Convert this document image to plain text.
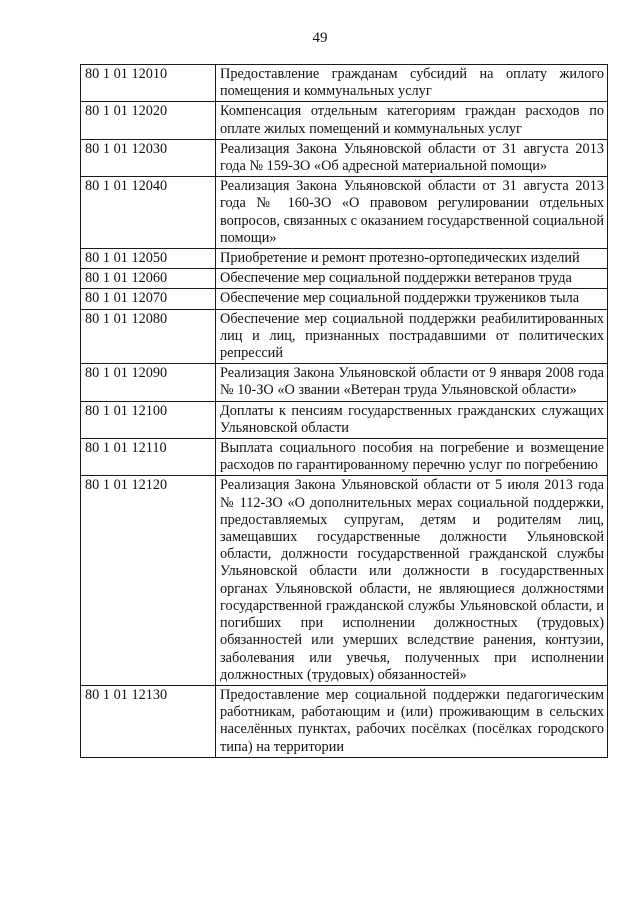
49
80 1 01 12010	Предоставление гражданам субсидий на оплату жилого помещения и коммунальных услуг
80 1 01 12020	Компенсация отдельным категориям граждан расходов по оплате жилых помещений и коммунальных услуг
80 1 01 12030	Реализация Закона Ульяновской области от 31 августа 2013 года № 159-ЗО «Об адресной материальной помощи»
80 1 01 12040	Реализация Закона Ульяновской области от 31 августа 2013 года № 160-ЗО «О правовом регулировании отдельных вопросов, связанных с оказанием государственной социальной помощи»
80 1 01 12050	Приобретение и ремонт протезно-ортопедических изделий
80 1 01 12060	Обеспечение мер социальной поддержки ветеранов труда
80 1 01 12070	Обеспечение мер социальной поддержки тружеников тыла
80 1 01 12080	Обеспечение мер социальной поддержки реабилитированных лиц и лиц, признанных пострадавшими от политических репрессий
80 1 01 12090	Реализация Закона Ульяновской области от 9 января 2008 года № 10-ЗО «О звании «Ветеран труда Ульяновской области»
80 1 01 12100	Доплаты к пенсиям государственных гражданских служащих Ульяновской области
80 1 01 12110	Выплата социального пособия на погребение и возмещение расходов по гарантированному перечню услуг по погребению
80 1 01 12120	Реализация Закона Ульяновской области от 5 июля 2013 года № 112-ЗО «О дополнительных мерах социальной поддержки, предоставляемых супругам, детям и родителям лиц, замещавших государственные должности Ульяновской области, должности государственной гражданской службы Ульяновской области или должности в государственных органах Ульяновской области, не являющиеся должностями государственной гражданской службы Ульяновской области, и погибших при исполнении должностных (трудовых) обязанностей или умерших вследствие ранения, контузии, заболевания или увечья, полученных при исполнении должностных (трудовых) обязанностей»
80 1 01 12130	Предоставление мер социальной поддержки педагогическим работникам, работающим и (или) проживающим в сельских населённых пунктах, рабочих посёлках (посёлках городского типа) на территории
